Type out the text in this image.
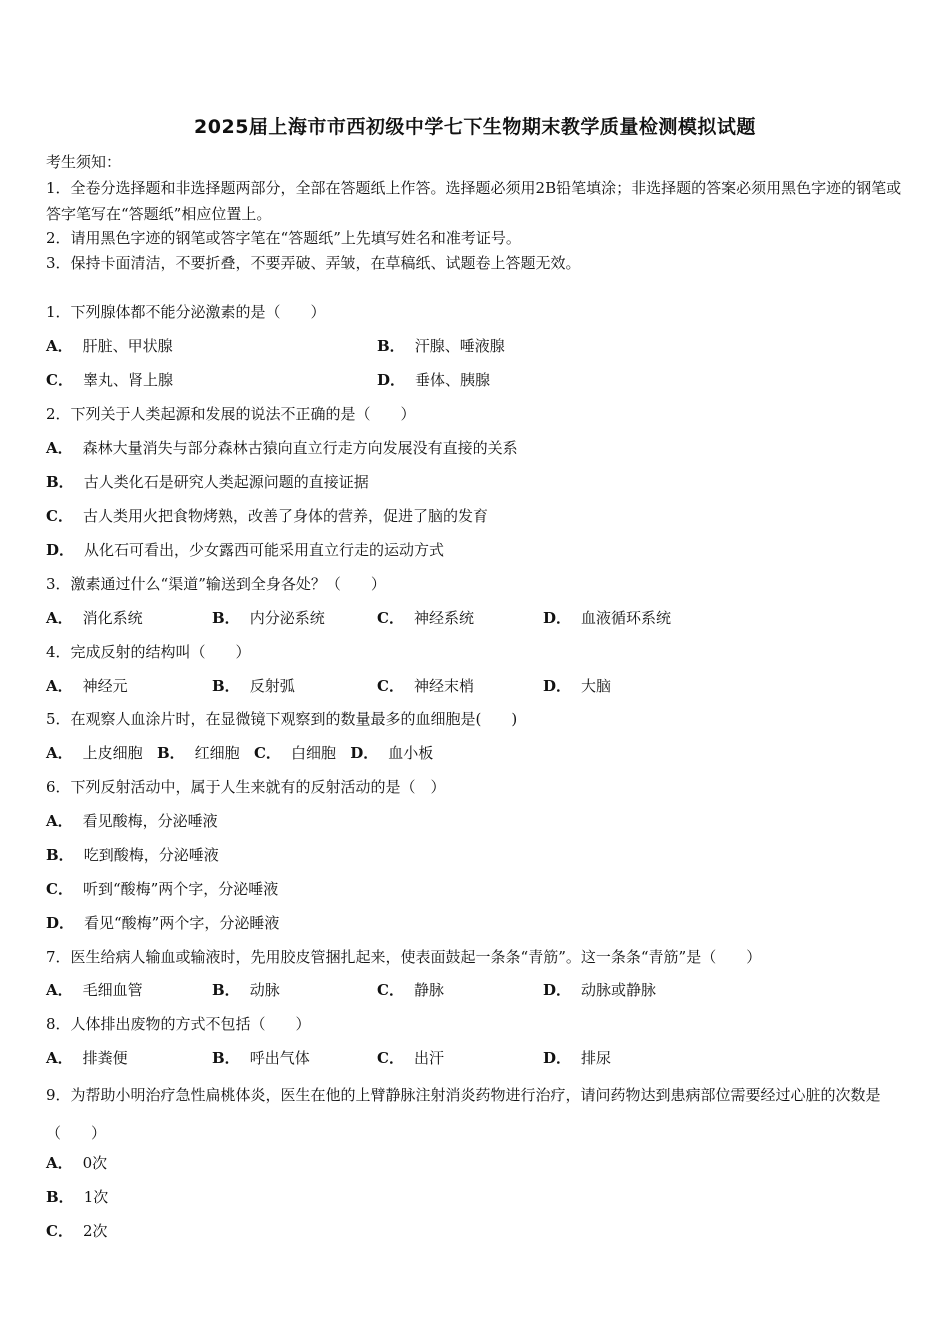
2025届上海市市西初级中学七下生物期末教学质量检测模拟试题
考生须知：
1．全卷分选择题和非选择题两部分，全部在答题纸上作答。选择题必须用2B铅笔填涂；非选择题的答案必须用黑色字迹的钢笔或答字笔写在“答题纸”相应位置上。
2．请用黑色字迹的钢笔或答字笔在“答题纸”上先填写姓名和准考证号。
3．保持卡面清洁，不要折叠，不要弄破、弄皱，在草稿纸、试题卷上答题无效。
1．下列腺体都不能分泌激素的是（　　）
A． 肝脏、甲状腺	B． 汗腺、唾液腺
C． 睾丸、肾上腺	D． 垂体、胰腺
2．下列关于人类起源和发展的说法不正确的是（　　）
A． 森林大量消失与部分森林古猿向直立行走方向发展没有直接的关系
B． 古人类化石是研究人类起源问题的直接证据
C． 古人类用火把食物烤熟，改善了身体的营养，促进了脑的发育
D． 从化石可看出，少女露西可能采用直立行走的运动方式
3．激素通过什么“渠道”输送到全身各处？（　　）
A． 消化系统	B． 内分泌系统	C． 神经系统	D． 血液循环系统
4．完成反射的结构叫（　　）
A． 神经元	B． 反射弧	C． 神经末梢	D． 大脑
5．在观察人血涂片时，在显微镜下观察到的数量最多的血细胞是(　　)
A． 上皮细胞 B． 红细胞 C． 白细胞 D． 血小板
6．下列反射活动中，属于人生来就有的反射活动的是（　）
A． 看见酸梅，分泌唾液
B． 吃到酸梅，分泌唾液
C． 听到“酸梅”两个字，分泌唾液
D． 看见“酸梅”两个字，分泌睡液
7．医生给病人输血或输液时，先用胶皮管捆扎起来，使表面鼓起一条条“青筋”。这一条条“青筋”是（　　）
A． 毛细血管	B． 动脉	C． 静脉	D． 动脉或静脉
8．人体排出废物的方式不包括（　　）
A． 排粪便	B． 呼出气体	C． 出汗	D． 排尿
9．为帮助小明治疗急性扁桃体炎，医生在他的上臂静脉注射消炎药物进行治疗，请问药物达到患病部位需要经过心脏的次数是（　　）
A． 0次
B． 1次
C． 2次
